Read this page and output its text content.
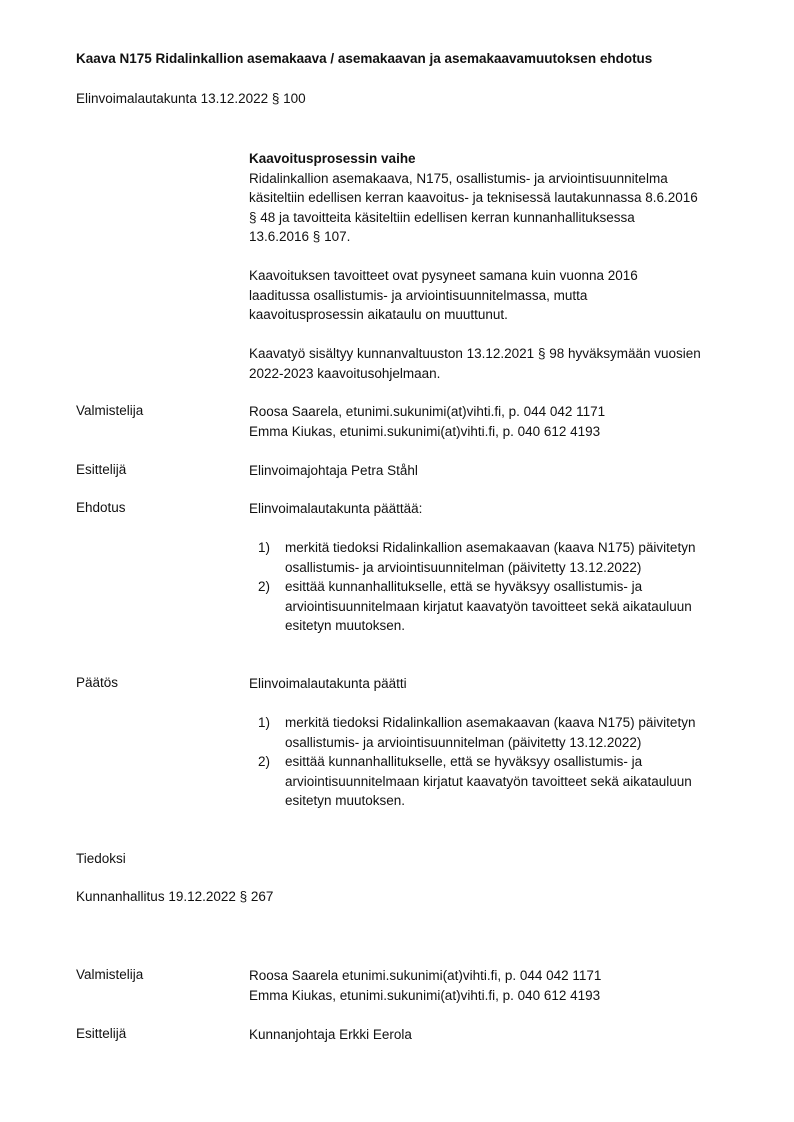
Kaava N175 Ridalinkallion asemakaava / asemakaavan ja asemakaavamuutoksen ehdotus
Elinvoimalautakunta 13.12.2022 § 100

Kaavoitusprosessin vaihe

Ridalinkallion asemakaava, N175, osallistumis- ja arviointisuunnitelma

käsiteltiin edellisen kerran kaavoitus- ja teknisessä lautakunnassa 8.6.2016

§ 48 ja tavoitteita käsiteltiin edellisen kerran kunnanhallituksessa

13.6.2016 § 107.

Kaavoituksen tavoitteet ovat pysyneet samana kuin vuonna 2016

laaditussa osallistumis- ja arviointisuunnitelmassa, mutta

kaavoitusprosessin aikataulu on muuttunut.

Kaavatyö sisältyy kunnanvaltuuston 13.12.2021 § 98 hyväksymään vuosien

2022-2023 kaavoitusohjelmaan.

Valmistelija	Roosa Saarela, etunimi.sukunimi(at)vihti.fi, p. 044 042 1171

Emma Kiukas, etunimi.sukunimi(at)vihti.fi, p. 040 612 4193

Esittelijä	Elinvoimajohtaja Petra Ståhl

Ehdotus	Elinvoimalautakunta päättää:

1) merkitä tiedoksi Ridalinkallion asemakaavan (kaava N175) päivitetyn osallistumis- ja arviointisuunnitelman (päivitetty 13.12.2022)
2) esittää kunnanhallitukselle, että se hyväksyy osallistumis- ja arviointisuunnitelmaan kirjatut kaavatyön tavoitteet sekä aikatauluun esitetyn muutoksen.
Päätös	Elinvoimalautakunta päätti

1) merkitä tiedoksi Ridalinkallion asemakaavan (kaava N175) päivitetyn osallistumis- ja arviointisuunnitelman (päivitetty 13.12.2022)
2) esittää kunnanhallitukselle, että se hyväksyy osallistumis- ja arviointisuunnitelmaan kirjatut kaavatyön tavoitteet sekä aikatauluun esitetyn muutoksen.
Tiedoksi
Kunnanhallitus 19.12.2022 § 267
Valmistelija	Roosa Saarela etunimi.sukunimi(at)vihti.fi, p. 044 042 1171

Emma Kiukas, etunimi.sukunimi(at)vihti.fi, p. 040 612 4193

Esittelijä	Kunnanjohtaja Erkki Eerola
